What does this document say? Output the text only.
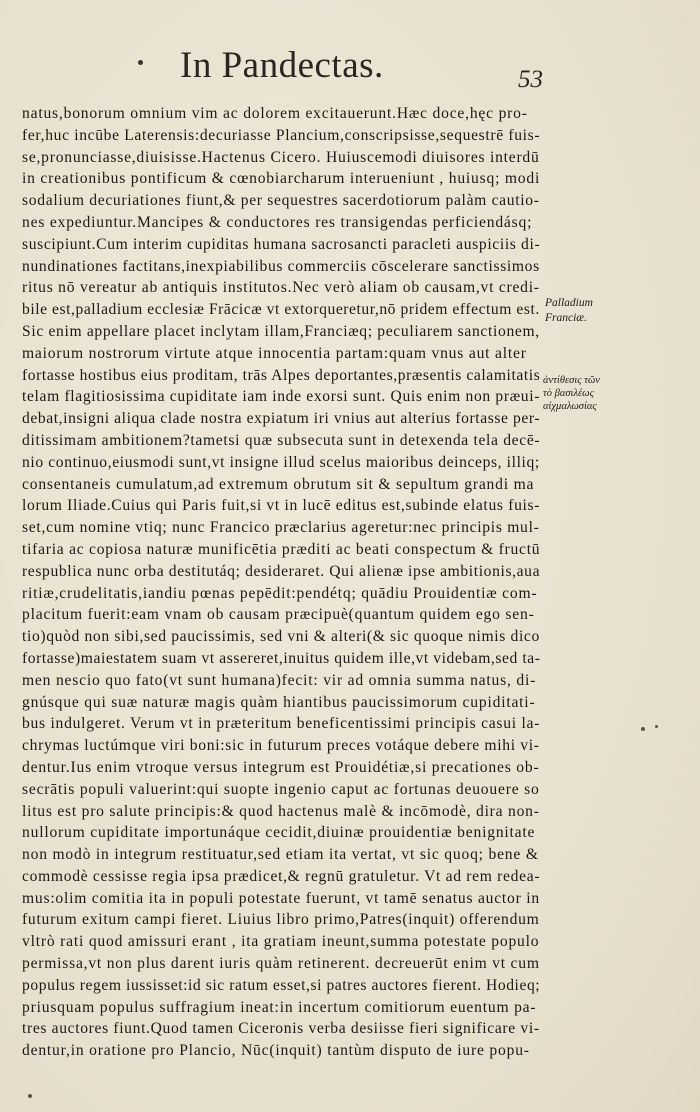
In Pandectas.	53
natus,bonorum omnium vim ac dolorem excitauerunt.Hæc doce,hęc pro-
fer,huc incūbe Laterensis:decuriasse Plancium,conscripsisse,sequestrē fuis-
se,pronunciasse,diuisisse.Hactenus Cicero. Huiuscemodi diuisores interdū
in creationibus pontificum & cœnobiarcharum interueniunt , huiusq; modi
sodalium decuriationes fiunt,& per sequestres sacerdotiorum palàm cautio-
nes expediuntur.Mancipes & conductores res transigendas perficiendásq;
suscipiunt.Cum interim cupiditas humana sacrosancti paracleti auspiciis di-
nundinationes factitans,inexpiabilibus commerciis cōscelerare sanctissimos
ritus nō vereatur ab antiquis institutos.Nec verò aliam ob causam,vt credi-
bile est,palladium ecclesiæ Frācicæ vt extorqueretur,nō pridem effectum est.
Sic enim appellare placet inclytam illam,Franciæq; peculiarem sanctionem,
maiorum nostrorum virtute atque innocentia partam:quam vnus aut alter
fortasse hostibus eius proditam, trās Alpes deportantes,præsentis calamitatis
telam flagitiosissima cupiditate iam inde exorsi sunt. Quis enim non præui-
debat,insigni aliqua clade nostra expiatum iri vnius aut alterius fortasse per-
ditissimam ambitionem?tametsi quæ subsecuta sunt in detexenda tela decē-
nio continuo,eiusmodi sunt,vt insigne illud scelus maioribus deinceps, illiq;
consentaneis cumulatum,ad extremum obrutum sit & sepultum grandi ma
lorum Iliade.Cuius qui Paris fuit,si vt in lucē editus est,subinde elatus fuis-
set,cum nomine vtiq; nunc Francico præclarius ageretur:nec principis mul-
tifaria ac copiosa naturæ munificētia præditi ac beati conspectum & fructū
respublica nunc orba destitutáq; desideraret. Qui alienæ ipse ambitionis,aua
ritiæ,crudelitatis,iandiu pœnas pepēdit:pendétq; quādiu Prouidentiæ com-
placitum fuerit:eam vnam ob causam præcipuè(quantum quidem ego sen-
tio)quòd non sibi,sed paucissimis, sed vni & alteri(& sic quoque nimis dico
fortasse)maiestatem suam vt assereret,inuitus quidem ille,vt videbam,sed ta-
men nescio quo fato(vt sunt humana)fecit: vir ad omnia summa natus, di-
gnúsque qui suæ naturæ magis quàm hiantibus paucissimorum cupiditati-
bus indulgeret. Verum vt in præteritum beneficentissimi principis casui la-
chrymas luctúmque viri boni:sic in futurum preces votáque debere mihi vi-
dentur.Ius enim vtroque versus integrum est Prouidétiæ,si precationes ob-
secrātis populi valuerint:qui suopte ingenio caput ac fortunas deuouere so
litus est pro salute principis:& quod hactenus malè & incōmodè, dira non-
nullorum cupiditate importunáque cecidit,diuinæ prouidentiæ benignitate
non modò in integrum restituatur,sed etiam ita vertat, vt sic quoq; bene &
commodè cessisse regia ipsa prædicet,& regnū gratuletur. Vt ad rem redea-
mus:olim comitia ita in populi potestate fuerunt, vt tamē senatus auctor in
futurum exitum campi fieret. Liuius libro primo,Patres(inquit) offerendum
vltrò rati quod amissuri erant , ita gratiam ineunt,summa potestate populo
permissa,vt non plus darent iuris quàm retinerent. decreuerūt enim vt cum
populus regem iussisset:id sic ratum esset,si patres auctores fierent. Hodieq;
priusquam populus suffragium ineat:in incertum comitiorum euentum pa-
tres auctores fiunt.Quod tamen Ciceronis verba desiisse fieri significare vi-
dentur,in oratione pro Plancio, Nūc(inquit) tantùm disputo de iure popu-
Palladium
Franciæ.
ἀντίθεσις τῶν
τὸ βασιλέως
αἰχμαλωσίας
